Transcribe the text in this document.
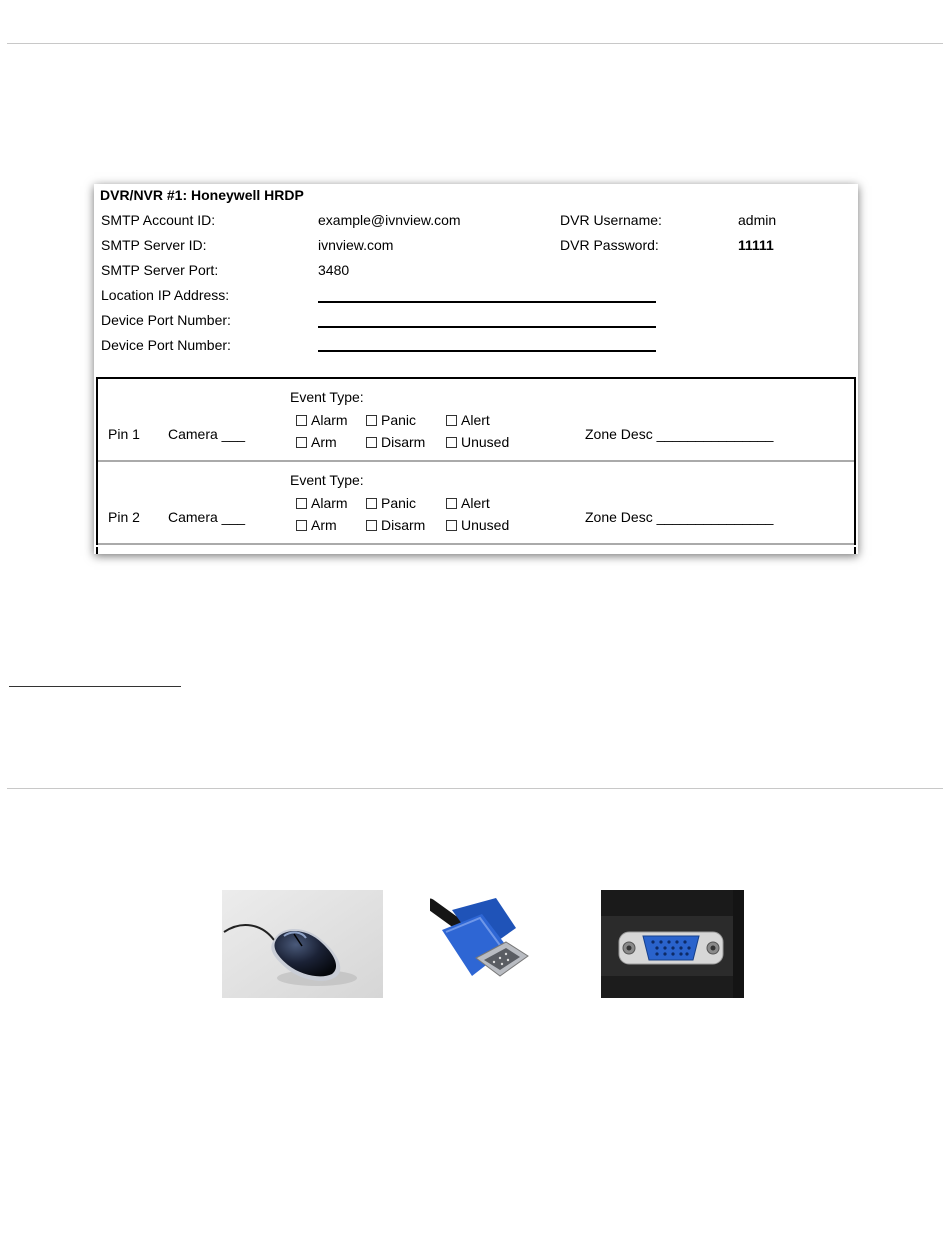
DVR/NVR #1: Honeywell HRDP
SMTP Account ID:	example@ivnview.com	DVR Username:	admin
SMTP Server ID:	ivnview.com	DVR Password:	11111
SMTP Server Port:	3480
Location IP Address:
Device Port Number:
Device Port Number:
Pin 1 Camera ___
Event Type:
Alarm Panic	Alert
Arm	Disarm	Unused	Zone Desc _______________
Pin 2 Camera ___
Event Type:
Alarm Panic	Alert
Arm	Disarm	Unused	Zone Desc _______________
